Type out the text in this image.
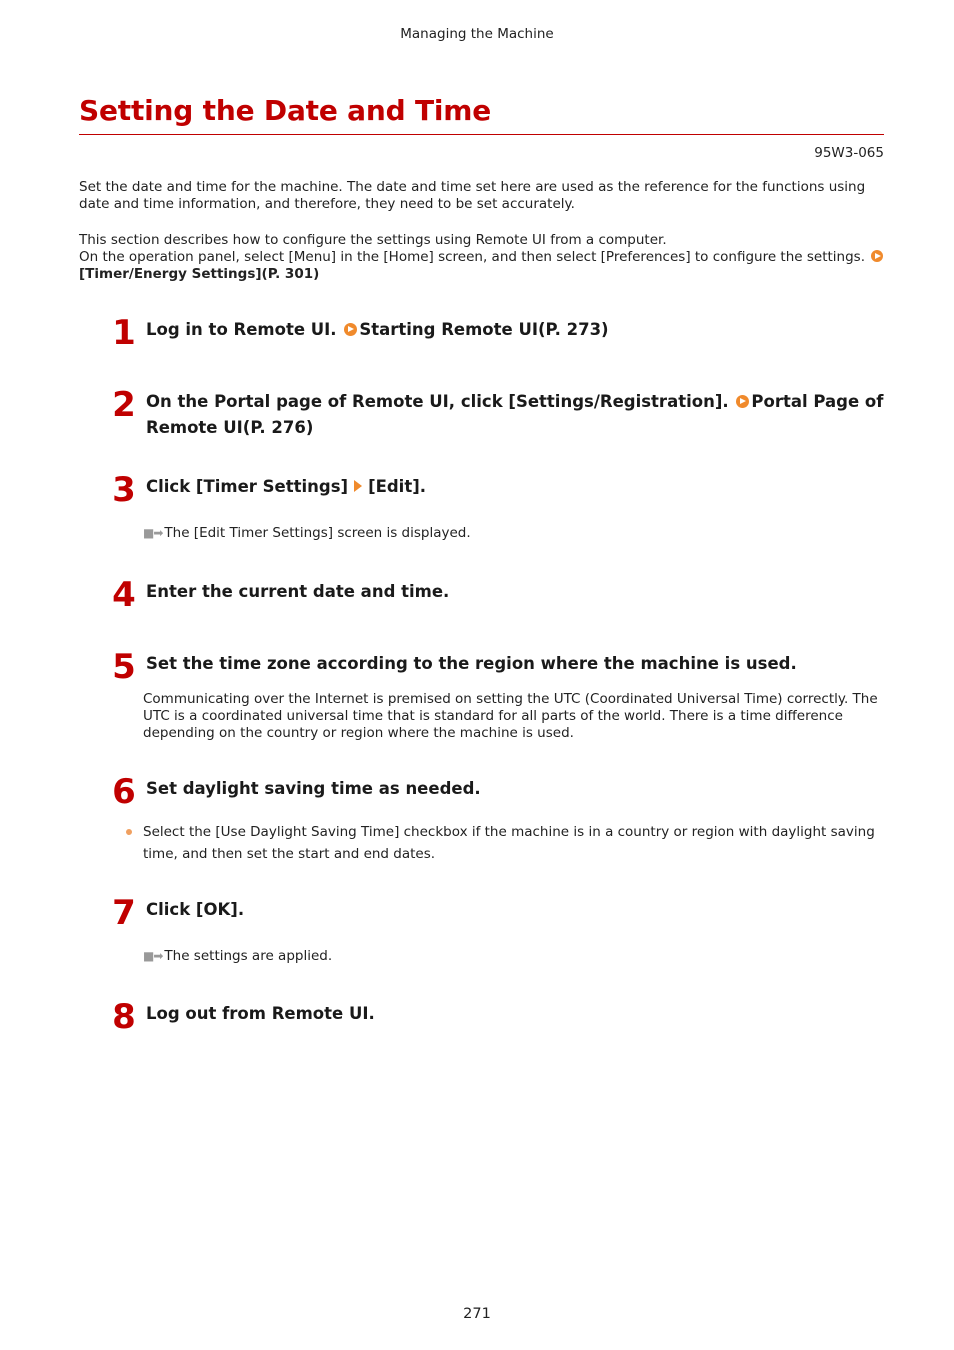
Managing the Machine
Setting the Date and Time
95W3-065
Set the date and time for the machine. The date and time set here are used as the reference for the functions using
date and time information, and therefore, they need to be set accurately.
This section describes how to configure the settings using Remote UI from a computer.
On the operation panel, select [Menu] in the [Home] screen, and then select [Preferences] to configure the settings.
[Timer/Energy Settings](P. 301)
1 Log in to Remote UI. Starting Remote UI(P. 273)
2 On the Portal page of Remote UI, click [Settings/Registration]. Portal Page of
Remote UI(P. 276)
3 Click [Timer Settings] [Edit].
■➡ The [Edit Timer Settings] screen is displayed.
4 Enter the current date and time.
5 Set the time zone according to the region where the machine is used.
Communicating over the Internet is premised on setting the UTC (Coordinated Universal Time) correctly. The
UTC is a coordinated universal time that is standard for all parts of the world. There is a time difference
depending on the country or region where the machine is used.
6 Set daylight saving time as needed.
Select the [Use Daylight Saving Time] checkbox if the machine is in a country or region with daylight saving
time, and then set the start and end dates.
7 Click [OK].
■➡ The settings are applied.
8 Log out from Remote UI.
271
